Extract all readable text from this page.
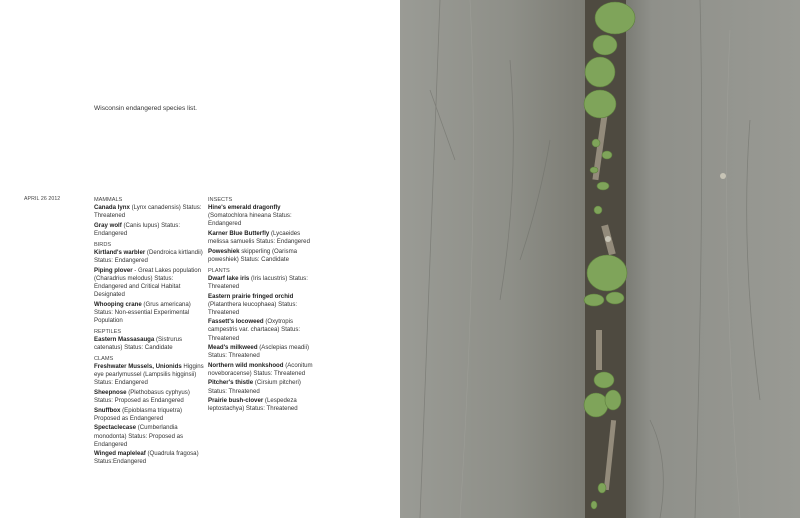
Wisconsin endangered species list.
APRIL 26 2012	MAMMALS
Canada lynx (Lynx canadensis) Status: Threatened
Gray wolf (Canis lupus) Status: Endangered
BIRDS
Kirtland's warbler (Dendroica kirtlandii) Status: Endangered
Piping plover - Great Lakes population (Charadrius melodus) Status: Endangered and Critical Habitat Designated
Whooping crane (Grus americana) Status: Non-essential Experimental Population
REPTILES
Eastern Massasauga (Sistrurus catenatus) Status: Candidate
CLAMS
Freshwater Mussels, Unionids Higgins eye pearlymussel (Lampsilis higginsii) Status: Endangered
Sheepnose (Plethobasus cyphyus) Status: Proposed as Endangered
Snuffbox (Epioblasma triquetra) Proposed as Endangered
Spectaclecase (Cumberlandia monodonta) Status: Proposed as Endangered
Winged mapleleaf (Quadrula fragosa) Status:Endangered
INSECTS
Hine's emerald dragonfly (Somatochlora hineana Status: Endangered
Karner Blue Butterfly (Lycaeides melissa samuelis Status: Endangered
Poweshiek skipperling (Oarisma poweshiek) Status: Candidate
PLANTS
Dwarf lake iris (Iris lacustris) Status: Threatened
Eastern prairie fringed orchid (Platanthera leucophaea) Status: Threatened
Fassett's locoweed (Oxytropis campestris var. chartacea) Status: Threatened
Mead's milkweed (Asclepias meadii) Status: Threatened
Northern wild monkshood (Aconitum noveboracense) Status: Threatened
Pitcher's thistle (Cirsium pitcheri) Status: Threatened
Prairie bush-clover (Lespedeza leptostachya) Status: Threatened
